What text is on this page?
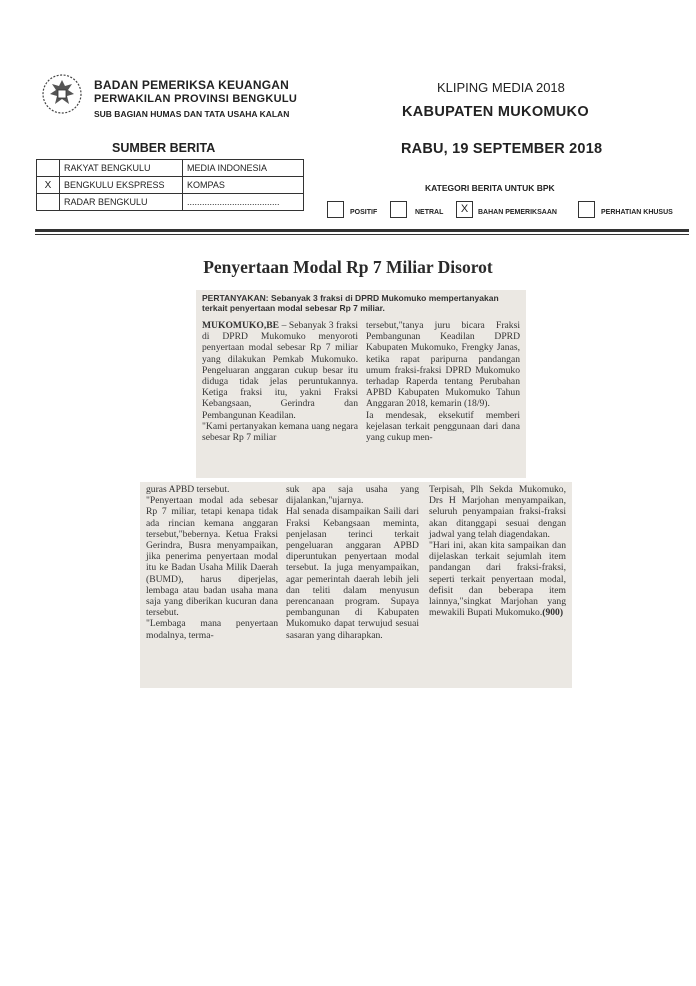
BADAN PEMERIKSA KEUANGAN
PERWAKILAN PROVINSI BENGKULU
SUB BAGIAN HUMAS DAN TATA USAHA KALAN
KLIPING MEDIA 2018
KABUPATEN MUKOMUKO
SUMBER BERITA	RABU, 19 SEPTEMBER 2018
	RAKYAT BENGKULU	MEDIA INDONESIA
X	BENGKULU EKSPRESS	KOMPAS
	RADAR BENGKULU	.....................................
KATEGORI BERITA UNTUK BPK
POSITIF	NETRAL	X	BAHAN PEMERIKSAAN	PERHATIAN KHUSUS
Penyertaan Modal Rp 7 Miliar Disorot
PERTANYAKAN: Sebanyak 3 fraksi di DPRD Mukomuko mempertanyakan terkait penyertaan modal sebesar Rp 7 miliar.

MUKOMUKO,BE – Sebanyak 3 fraksi di DPRD Mukomuko menyoroti penyertaan modal sebesar Rp 7 miliar yang dilakukan Pemkab Mukomuko. Pengeluaran anggaran cukup besar itu diduga tidak jelas peruntukannya. Ketiga fraksi itu, yakni Fraksi Kebangsaan, Gerindra dan Pembangunan Keadilan.

"Kami pertanyakan kemana uang negara sebesar Rp 7 miliar

tersebut,"tanya juru bicara Fraksi Pembangunan Keadilan DPRD Kabupaten Mukomuko, Frengky Janas, ketika rapat paripurna pandangan umum fraksi-fraksi DPRD Mukomuko terhadap Raperda tentang Perubahan APBD Kabupaten Mukomuko Tahun Anggaran 2018, kemarin (18/9).

Ia mendesak, eksekutif memberi kejelasan terkait penggunaan dari dana yang cukup men-

guras APBD tersebut.

"Penyertaan modal ada sebesar Rp 7 miliar, tetapi kenapa tidak ada rincian kemana anggaran tersebut,"bebernya. Ketua Fraksi Gerindra, Busra menyampaikan, jika penerima penyertaan modal itu ke Badan Usaha Milik Daerah (BUMD), harus diperjelas, lembaga atau badan usaha mana saja yang diberikan kucuran dana tersebut.

"Lembaga mana penyertaan modalnya, terma-

suk apa saja usaha yang dijalankan,"ujarnya.

Hal senada disampaikan Saili dari Fraksi Kebangsaan meminta, penjelasan terinci terkait pengeluaran anggaran APBD diperuntukan penyertaan modal tersebut. Ia juga menyampaikan, agar pemerintah daerah lebih jeli dan teliti dalam menyusun perencanaan program. Supaya pembangunan di Kabupaten Mukomuko dapat terwujud sesuai sasaran yang diharapkan.

Terpisah, Plh Sekda Mukomuko, Drs H Marjohan menyampaikan, seluruh penyampaian fraksi-fraksi akan ditanggapi sesuai dengan jadwal yang telah diagendakan.

"Hari ini, akan kita sampaikan dan dijelaskan terkait sejumlah item pandangan dari fraksi-fraksi, seperti terkait penyertaan modal, defisit dan beberapa item lainnya,"singkat Marjohan yang mewakili Bupati Mukomuko.(900)
